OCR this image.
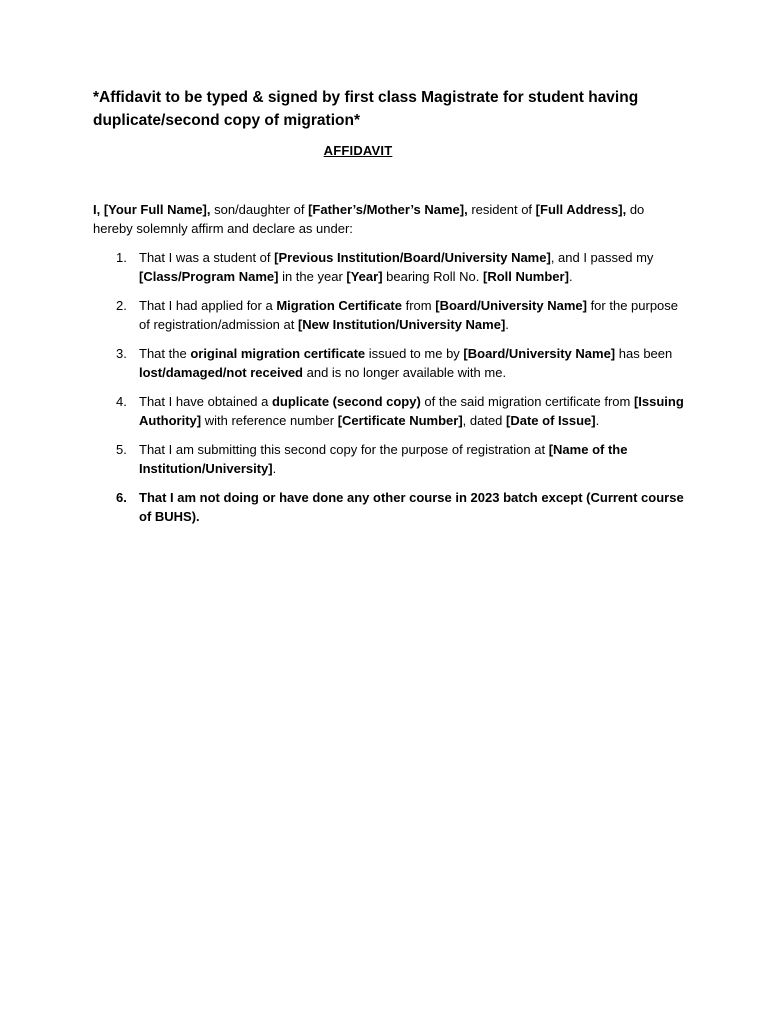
*Affidavit to be typed & signed by first class Magistrate for student having duplicate/second copy of migration*
AFFIDAVIT
I, [Your Full Name], son/daughter of [Father’s/Mother’s Name], resident of [Full Address], do hereby solemnly affirm and declare as under:
1. That I was a student of [Previous Institution/Board/University Name], and I passed my [Class/Program Name] in the year [Year] bearing Roll No. [Roll Number].
2. That I had applied for a Migration Certificate from [Board/University Name] for the purpose of registration/admission at [New Institution/University Name].
3. That the original migration certificate issued to me by [Board/University Name] has been lost/damaged/not received and is no longer available with me.
4. That I have obtained a duplicate (second copy) of the said migration certificate from [Issuing Authority] with reference number [Certificate Number], dated [Date of Issue].
5. That I am submitting this second copy for the purpose of registration at [Name of the Institution/University].
6. That I am not doing or have done any other course in 2023 batch except (Current course of BUHS).
